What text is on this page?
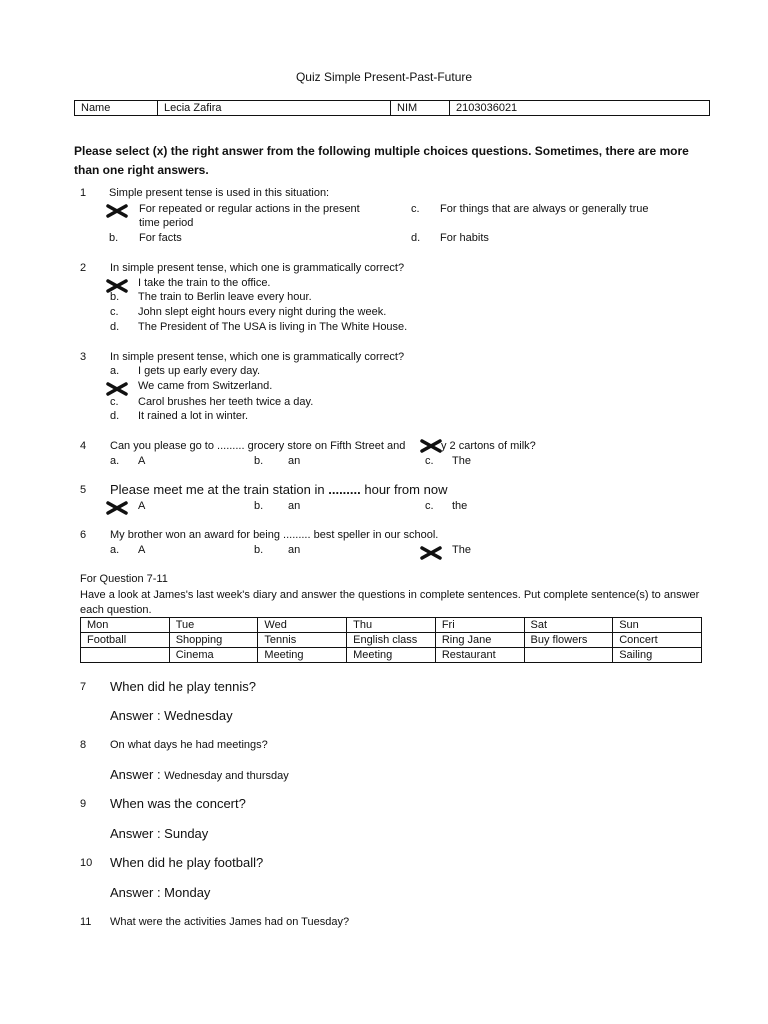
Quiz Simple Present-Past-Future
Name	Lecia Zafira	NIM	2103036021
Please select (x) the right answer from the following multiple choices questions. Sometimes, there are more than one right answers.
1 Simple present tense is used in this situation:
For repeated or regular actions in the present
time period
b. For facts
c. For things that are always or generally true
d. For habits
2 In simple present tense, which one is grammatically correct?
I take the train to the office.
b. The train to Berlin leave every hour.
c. John slept eight hours every night during the week.
d. The President of The USA is living in The White House.
3 In simple present tense, which one is grammatically correct?
a. I gets up early every day.
We came from Switzerland.
c. Carol brushes her teeth twice a day.
d. It rained a lot in winter.
4 Can you please go to ......... grocery store on Fifth Street and	y 2 cartons of milk?
a. A	b. an	c. The
5 Please meet me at the train station in ......... hour from now
A	b. an	c. the
6 My brother won an award for being ......... best speller in our school.
a. A	b. an	The
For Question 7-11
Have a look at James's last week's diary and answer the questions in complete sentences. Put complete sentence(s) to answer each question.
Mon	Tue	Wed	Thu	Fri	Sat	Sun
Football	Shopping	Tennis	English class	Ring Jane	Buy flowers	Concert
	Cinema	Meeting	Meeting	Restaurant		Sailing
7 When did he play tennis?
Answer : Wednesday
8 On what days he had meetings?
Answer : Wednesday and thursday
9 When was the concert?
Answer : Sunday
10 When did he play football?
Answer : Monday
11 What were the activities James had on Tuesday?
